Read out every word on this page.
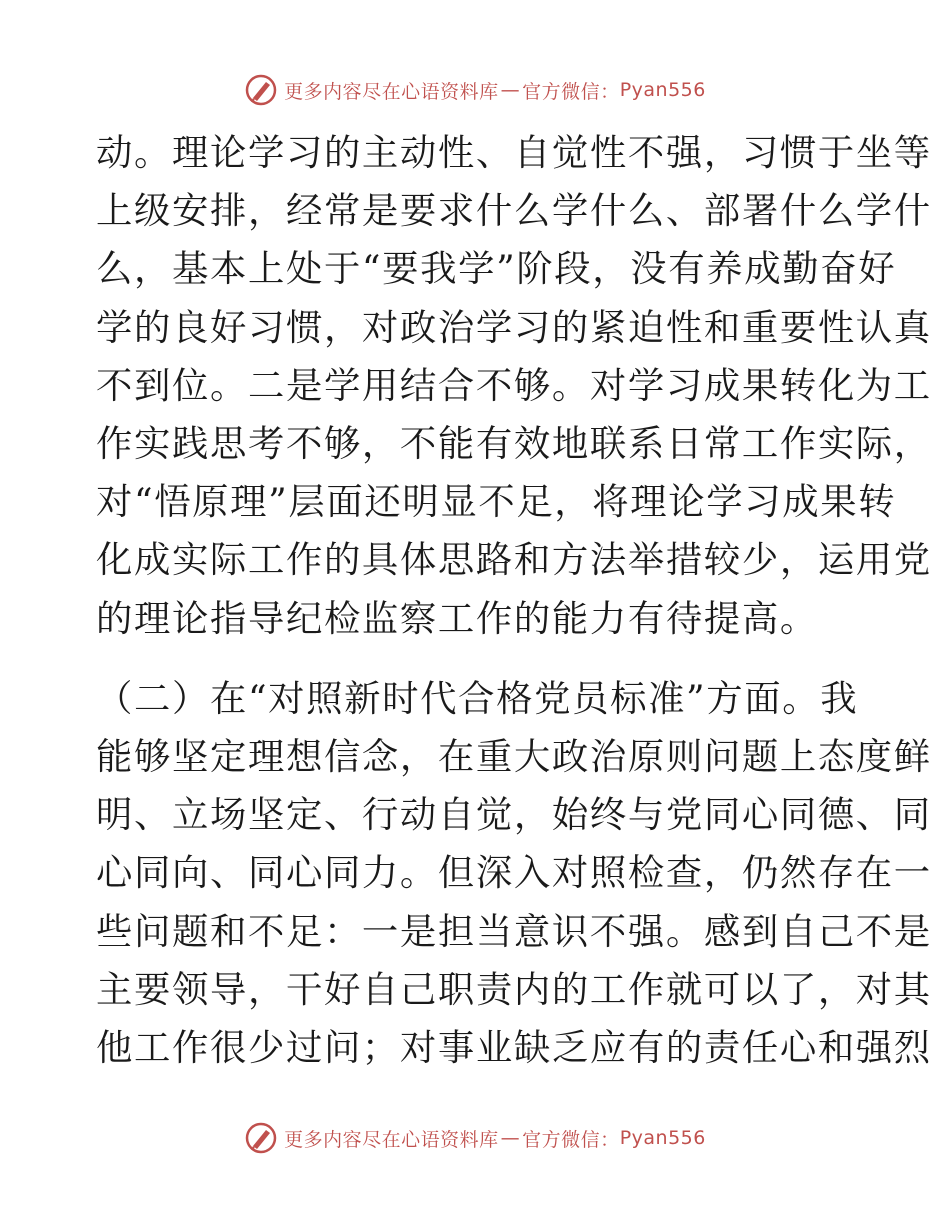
更多内容尽在心语资料库 — 官方微信： Pyan556
动。理论学习的主动性、自觉性不强，习惯于坐等
上级安排，经常是要求什么学什么、部署什么学什
么，基本上处于“要我学”阶段，没有养成勤奋好
学的良好习惯，对政治学习的紧迫性和重要性认真
不到位。二是学用结合不够。对学习成果转化为工
作实践思考不够，不能有效地联系日常工作实际，
对“悟原理”层面还明显不足，将理论学习成果转
化成实际工作的具体思路和方法举措较少，运用党
的理论指导纪检监察工作的能力有待提高。
（二）在“对照新时代合格党员标准”方面。我
能够坚定理想信念，在重大政治原则问题上态度鲜
明、立场坚定、行动自觉，始终与党同心同德、同
心同向、同心同力。但深入对照检查，仍然存在一
些问题和不足：一是担当意识不强。感到自己不是
主要领导，干好自己职责内的工作就可以了，对其
他工作很少过问；对事业缺乏应有的责任心和强烈
更多内容尽在心语资料库 — 官方微信： Pyan556
